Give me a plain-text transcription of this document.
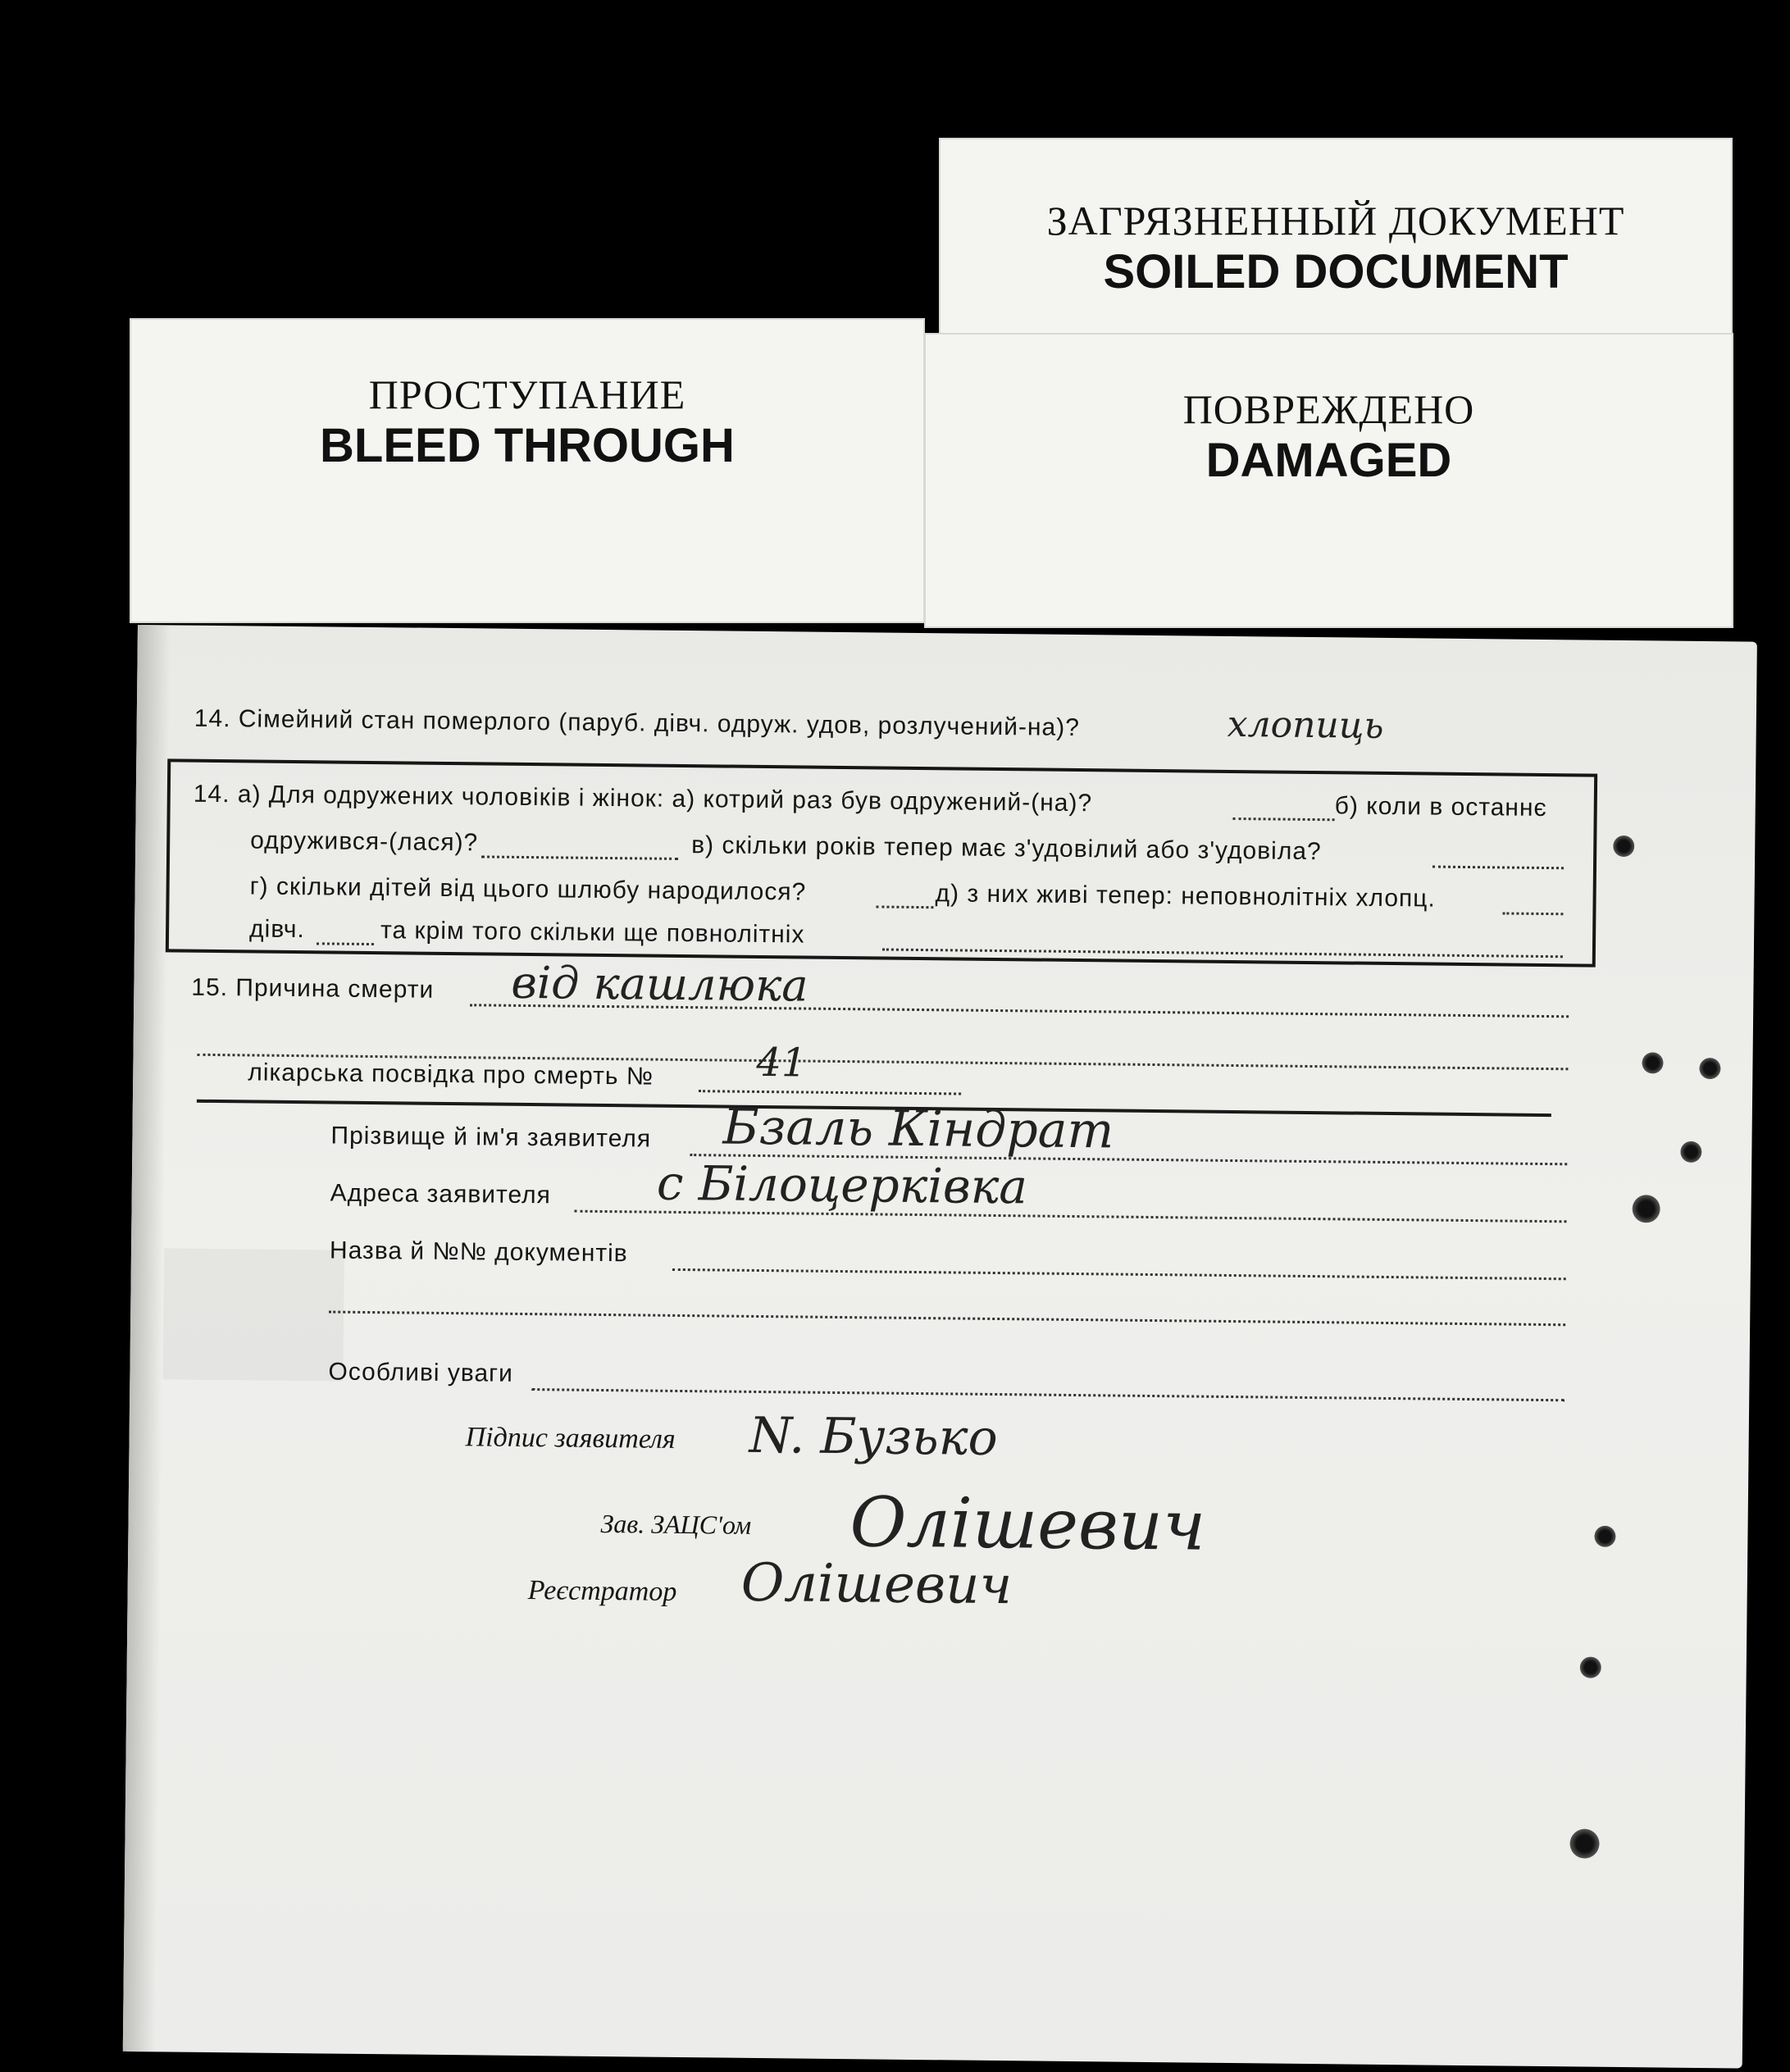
ЗАГРЯЗНЕННЫЙ ДОКУМЕНТ
SOILED DOCUMENT
ПРОСТУПАНИЕ
BLEED THROUGH
ПОВРЕЖДЕНО
DAMAGED
14. Сімейний стан померлого (паруб. дівч. одруж. удов, розлучений-на)?	хлопиць
14. а) Для одружених чоловіків і жінок: а) котрий раз був одружений-(на)?	б) коли в останнє
одружився-(лася)?	в) скільки років тепер має з'удовілий або з'удовіла?
г) скільки дітей від цього шлюбу народилося?	д) з них живі тепер: неповнолітніх хлопц.
дівч.	та крім того скільки ще повнолітніх
15. Причина смерти від кашлюка
лікарська посвідка про смерть №	41
Прізвище й ім'я заявителя Бзаль Кіндрат
Адреса заявителя с Білоцерківка
Назва й №№ документів
Особливі уваги
Підпис заявителя N. Бузько
Зав. ЗАЦС'ом Олішевич
Реєстратор Олішевич
